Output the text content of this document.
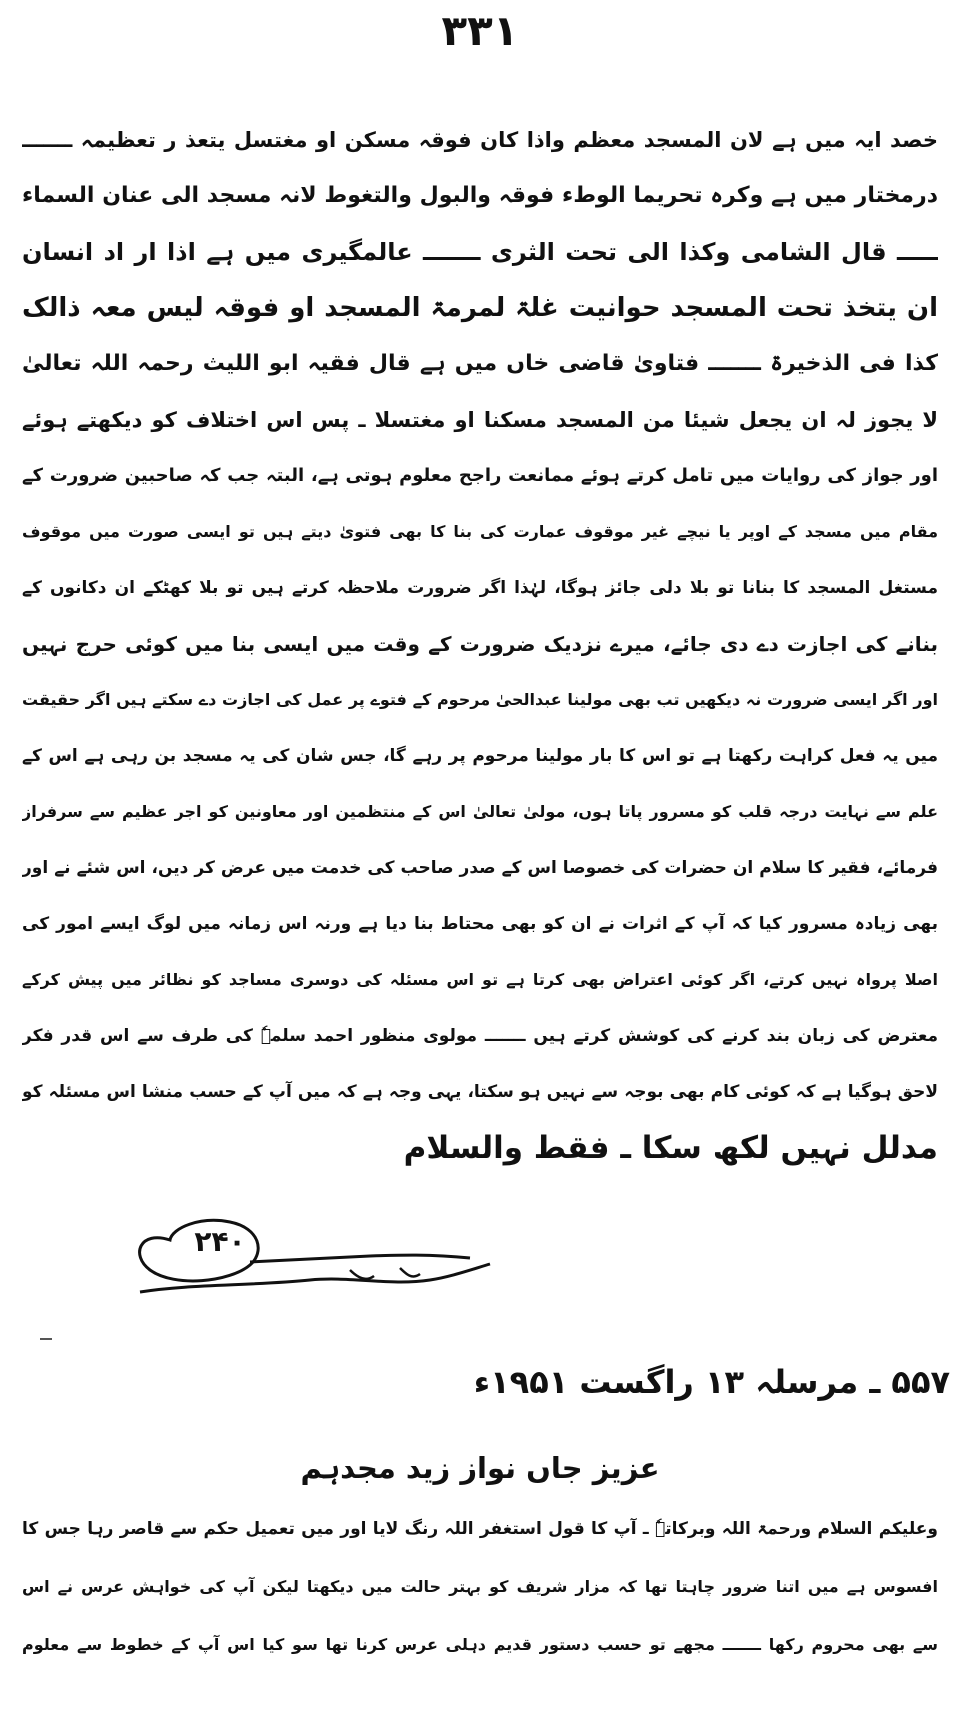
۳۳۱
خصد ایہ میں ہے لان المسجد معظم واذا کان فوقہ مسکن او مغتسل یتعذ ر تعظیمہ ـــــــ
درمختار میں ہے وکرہ تحریما الوطء فوقہ والبول والتغوط لانہ مسجد الی عنان السماء
ـــــ قال الشامی وکذا الی تحت الثری ـــــــ عالمگیری میں ہے اذا ار اد انسان
ان یتخذ تحت المسجد حوانیت غلۃ لمرمۃ المسجد او فوقہ لیس معہ ذالک
کذا فی الذخیرۃ ـــــــ فتاویٰ قاضی خاں میں ہے قال فقیہ ابو اللیث رحمہ اللہ تعالیٰ
لا یجوز لہ ان یجعل شیئا من المسجد مسکنا او مغتسلا ـ پس اس اختلاف کو دیکھتے ہوئے
اور جواز کی روایات میں تامل کرتے ہوئے ممانعت راجح معلوم ہوتی ہے، البتہ جب کہ صاحبین ضرورت کے
مقام میں مسجد کے اوپر یا نیچے غیر موقوف عمارت کی بنا کا بھی فتویٰ دیتے ہیں تو ایسی صورت میں موقوف
مستغل المسجد کا بنانا تو بلا دلی جائز ہوگا، لہٰذا اگر ضرورت ملاحظہ کرتے ہیں تو بلا کھٹکے ان دکانوں کے
بنانے کی اجازت دے دی جائے، میرے نزدیک ضرورت کے وقت میں ایسی بنا میں کوئی حرج نہیں
اور اگر ایسی ضرورت نہ دیکھیں تب بھی مولینا عبدالحیٰ مرحوم کے فتوے پر عمل کی اجازت دے سکتے ہیں اگر حقیقت
میں یہ فعل کراہت رکھتا ہے تو اس کا بار مولینا مرحوم پر رہے گا، جس شان کی یہ مسجد بن رہی ہے اس کے
علم سے نہایت درجہ قلب کو مسرور پاتا ہوں، مولیٰ تعالیٰ اس کے منتظمین اور معاونین کو اجر عظیم سے سرفراز
فرمائے، فقیر کا سلام ان حضرات کی خصوصا اس کے صدر صاحب کی خدمت میں عرض کر دیں، اس شئے نے اور
بھی زیادہ مسرور کیا کہ آپ کے اثرات نے ان کو بھی محتاط بنا دیا ہے ورنہ اس زمانہ میں لوگ ایسے امور کی
اصلا پرواہ نہیں کرتے، اگر کوئی اعتراض بھی کرتا ہے تو اس مسئلہ کی دوسری مساجد کو نظائر میں پیش کرکے
معترض کی زبان بند کرنے کی کوشش کرتے ہیں ـــــــ مولوی منظور احمد سلمہٗ کی طرف سے اس قدر فکر
لاحق ہوگیا ہے کہ کوئی کام بھی بوجہ سے نہیں ہو سکتا، یہی وجہ ہے کہ میں آپ کے حسب منشا اس مسئلہ کو
مدلل نہیں لکھ سکا ـ فقط والسلام
۲۴۰
۵۵۷ ـ مرسلہ ۱۳ راگست ۱۹۵۱ء
عزیز جاں نواز زید مجدہم
وعلیکم السلام ورحمۃ اللہ وبرکاتہٗ ـ آپ کا قول استغفر اللہ رنگ لایا اور میں تعمیل حکم سے قاصر رہا جس کا
افسوس ہے میں اتنا ضرور چاہتا تھا کہ مزار شریف کو بہتر حالت میں دیکھتا لیکن آپ کی خواہش عرس نے اس
سے بھی محروم رکھا ـــــــ مجھے تو حسب دستور قدیم دہلی عرس کرنا تھا سو کیا اس آپ کے خطوط سے معلوم
